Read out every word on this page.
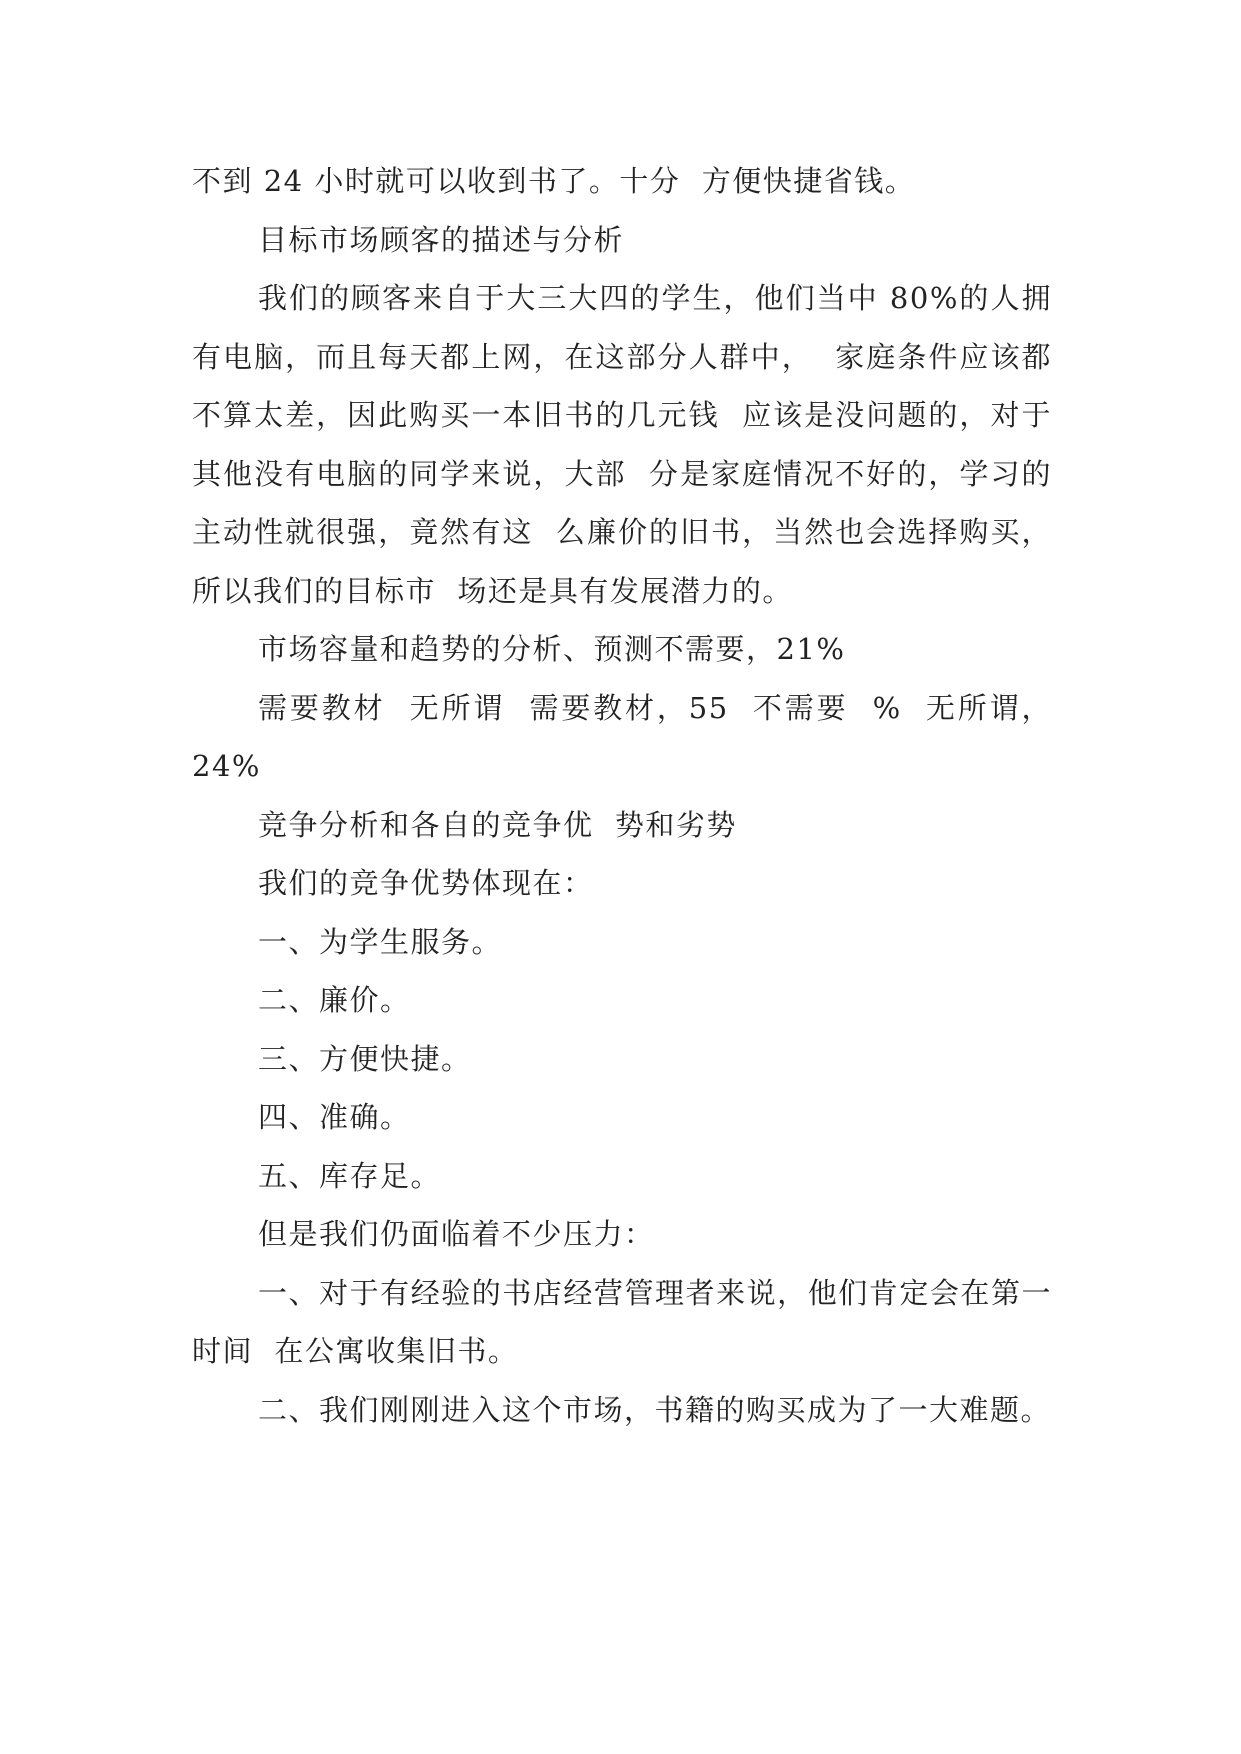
不到 24 小时就可以收到书了。十分  方便快捷省钱。

目标市场顾客的描述与分析

我们的顾客来自于大三大四的学生，他们当中 80%的人拥有电脑，而且每天都上网，在这部分人群中，  家庭条件应该都不算太差，因此购买一本旧书的几元钱  应该是没问题的，对于其他没有电脑的同学来说，大部  分是家庭情况不好的，学习的主动性就很强，竟然有这  么廉价的旧书，当然也会选择购买，所以我们的目标市  场还是具有发展潜力的。

市场容量和趋势的分析、预测不需要，21%

需要教材  无所谓  需要教材，55  不需要  %  无所谓，24%

竞争分析和各自的竞争优  势和劣势

我们的竞争优势体现在：

一、为学生服务。

二、廉价。

三、方便快捷。

四、准确。

五、库存足。

但是我们仍面临着不少压力：

一、对于有经验的书店经营管理者来说，他们肯定会在第一时间  在公寓收集旧书。

二、我们刚刚进入这个市场，书籍的购买成为了一大难题。
